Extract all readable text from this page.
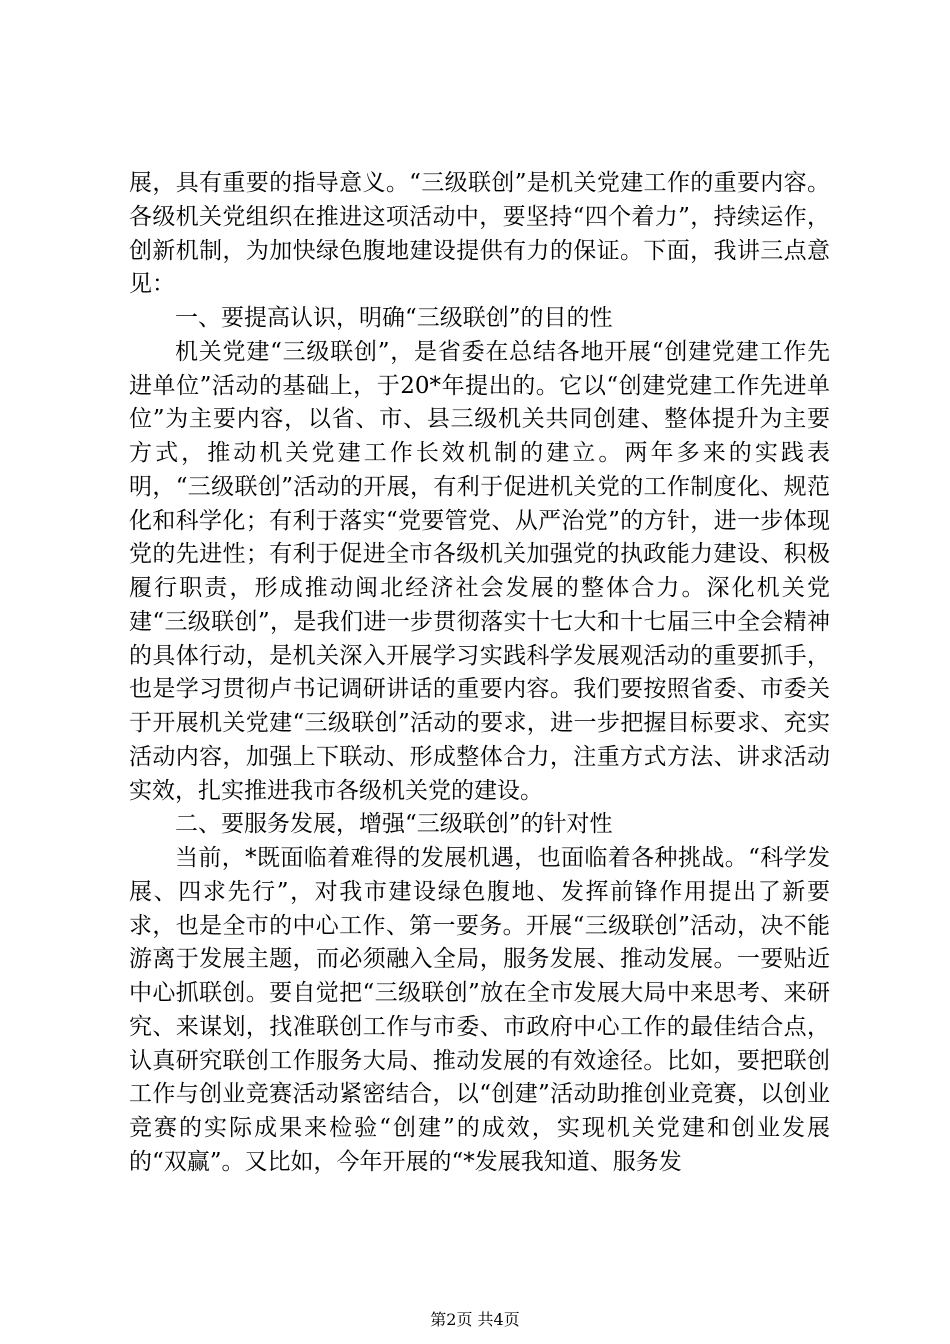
展，具有重要的指导意义。“三级联创”是机关党建工作的重要内容。各级机关党组织在推进这项活动中，要坚持“四个着力”，持续运作，创新机制，为加快绿色腹地建设提供有力的保证。下面，我讲三点意见：

一、要提高认识，明确“三级联创”的目的性

机关党建“三级联创”，是省委在总结各地开展“创建党建工作先进单位”活动的基础上，于20*年提出的。它以“创建党建工作先进单位”为主要内容，以省、市、县三级机关共同创建、整体提升为主要方式，推动机关党建工作长效机制的建立。两年多来的实践表明，“三级联创”活动的开展，有利于促进机关党的工作制度化、规范化和科学化；有利于落实“党要管党、从严治党”的方针，进一步体现党的先进性；有利于促进全市各级机关加强党的执政能力建设、积极履行职责，形成推动闽北经济社会发展的整体合力。深化机关党建“三级联创”，是我们进一步贯彻落实十七大和十七届三中全会精神的具体行动，是机关深入开展学习实践科学发展观活动的重要抓手，也是学习贯彻卢书记调研讲话的重要内容。我们要按照省委、市委关于开展机关党建“三级联创”活动的要求，进一步把握目标要求、充实活动内容，加强上下联动、形成整体合力，注重方式方法、讲求活动实效，扎实推进我市各级机关党的建设。

二、要服务发展，增强“三级联创”的针对性

当前，*既面临着难得的发展机遇，也面临着各种挑战。“科学发展、四求先行”，对我市建设绿色腹地、发挥前锋作用提出了新要求，也是全市的中心工作、第一要务。开展“三级联创”活动，决不能游离于发展主题，而必须融入全局，服务发展、推动发展。一要贴近中心抓联创。要自觉把“三级联创”放在全市发展大局中来思考、来研究、来谋划，找准联创工作与市委、市政府中心工作的最佳结合点，认真研究联创工作服务大局、推动发展的有效途径。比如，要把联创工作与创业竞赛活动紧密结合，以“创建”活动助推创业竞赛，以创业竞赛的实际成果来检验“创建”的成效，实现机关党建和创业发展的“双赢”。又比如，今年开展的“*发展我知道、服务发

第2页 共4页
